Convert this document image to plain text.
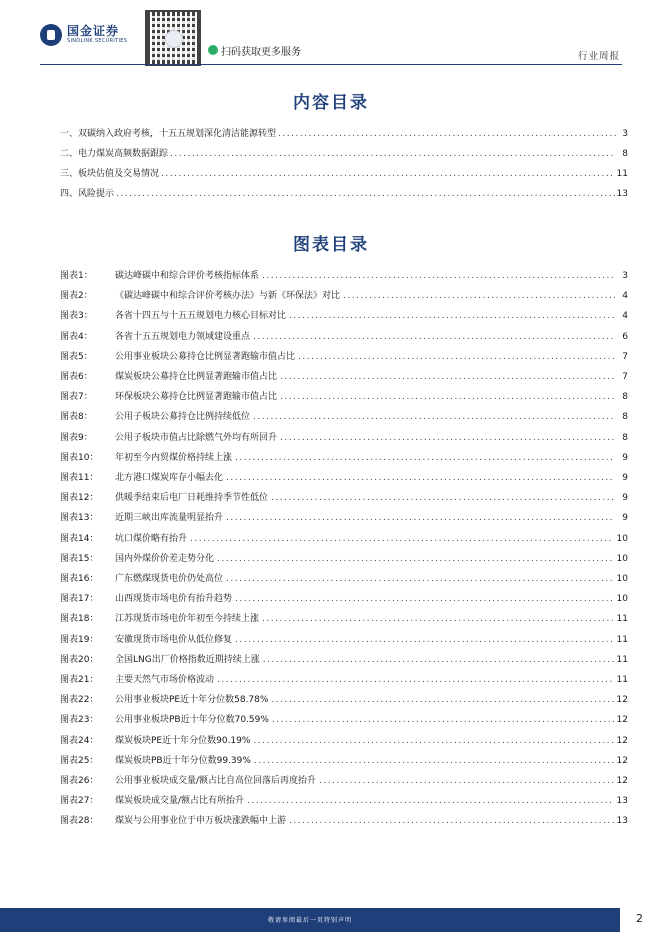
国金证券
SINOLINK SECURITIES
扫码获取更多服务	行业周报
内容目录
一、双碳纳入政府考核，十五五规划深化清洁能源转型 .....	3
二、电力煤炭高频数据跟踪 .....	8
三、板块估值及交易情况 .....	11
四、风险提示 .....	13
图表目录
图表1：	碳达峰碳中和综合评价考核指标体系 .....	3
图表2：	《碳达峰碳中和综合评价考核办法》与新《环保法》对比 .....	4
图表3：	各省十四五与十五五规划电力核心目标对比 .....	4
图表4：	各省十五五规划电力领域建设重点 .....	6
图表5：	公用事业板块公募持仓比例显著跑输市值占比 .....	7
图表6：	煤炭板块公募持仓比例显著跑输市值占比 .....	7
图表7：	环保板块公募持仓比例显著跑输市值占比 .....	8
图表8：	公用子板块公募持仓比例持续低位 .....	8
图表9：	公用子板块市值占比除燃气外均有所回升 .....	8
图表10：	年初至今内贸煤价格持续上涨 .....	9
图表11：	北方港口煤炭库存小幅去化 .....	9
图表12：	供暖季结束后电厂日耗维持季节性低位 .....	9
图表13：	近期三峡出库流量明显抬升 .....	9
图表14：	坑口煤价略有抬升 .....	10
图表15：	国内外煤价价差走势分化 .....	10
图表16：	广东燃煤现货电价仍处高位 .....	10
图表17：	山西现货市场电价有抬升趋势 .....	10
图表18：	江苏现货市场电价年初至今持续上涨 .....	11
图表19：	安徽现货市场电价从低位修复 .....	11
图表20：	全国LNG出厂价格指数近期持续上涨 .....	11
图表21：	主要天然气市场价格波动 .....	11
图表22：	公用事业板块PE近十年分位数58.78% .....	12
图表23：	公用事业板块PB近十年分位数70.59% .....	12
图表24：	煤炭板块PE近十年分位数90.19% .....	12
图表25：	煤炭板块PB近十年分位数99.39% .....	12
图表26：	公用事业板块成交量/额占比自高位回落后再度抬升 .....	12
图表27：	煤炭板块成交量/额占比有所抬升 .....	13
图表28：	煤炭与公用事业位于申万板块涨跌幅中上游 .....	13
敬请参阅最后一页特别声明	2
